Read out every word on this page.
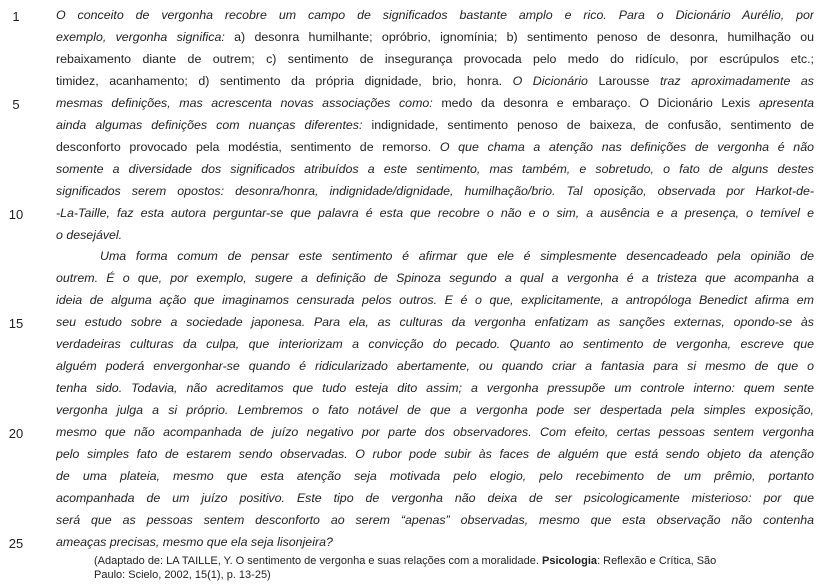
1
5
10
15
20
25
O conceito de vergonha recobre um campo de significados bastante amplo e rico. Para o Dicionário Aurélio, por
exemplo, vergonha significa: a) desonra humilhante; opróbrio, ignomínia; b) sentimento penoso de desonra, humilhação ou
rebaixamento diante de outrem; c) sentimento de insegurança provocada pelo medo do ridículo, por escrúpulos etc.;
timidez, acanhamento; d) sentimento da própria dignidade, brio, honra. O Dicionário Larousse traz aproximadamente as
mesmas definições, mas acrescenta novas associações como: medo da desonra e embaraço. O Dicionário Lexis apresenta
ainda algumas definições com nuanças diferentes: indignidade, sentimento penoso de baixeza, de confusão, sentimento de
desconforto provocado pela modéstia, sentimento de remorso. O que chama a atenção nas definições de vergonha é não
somente a diversidade dos significados atribuídos a este sentimento, mas também, e sobretudo, o fato de alguns destes
significados serem opostos: desonra/honra, indignidade/dignidade, humilhação/brio. Tal oposição, observada por Harkot-de-
-La-Taille, faz esta autora perguntar-se que palavra é esta que recobre o não e o sim, a ausência e a presença, o temível e
o desejável.
Uma forma comum de pensar este sentimento é afirmar que ele é simplesmente desencadeado pela opinião de
outrem. É o que, por exemplo, sugere a definição de Spinoza segundo a qual a vergonha é a tristeza que acompanha a
ideia de alguma ação que imaginamos censurada pelos outros. E é o que, explicitamente, a antropóloga Benedict afirma em
seu estudo sobre a sociedade japonesa. Para ela, as culturas da vergonha enfatizam as sanções externas, opondo-se às
verdadeiras culturas da culpa, que interiorizam a convicção do pecado. Quanto ao sentimento de vergonha, escreve que
alguém poderá envergonhar-se quando é ridicularizado abertamente, ou quando criar a fantasia para si mesmo de que o
tenha sido. Todavia, não acreditamos que tudo esteja dito assim; a vergonha pressupõe um controle interno: quem sente
vergonha julga a si próprio. Lembremos o fato notável de que a vergonha pode ser despertada pela simples exposição,
mesmo que não acompanhada de juízo negativo por parte dos observadores. Com efeito, certas pessoas sentem vergonha
pelo simples fato de estarem sendo observadas. O rubor pode subir às faces de alguém que está sendo objeto da atenção
de uma plateia, mesmo que esta atenção seja motivada pelo elogio, pelo recebimento de um prêmio, portanto
acompanhada de um juízo positivo. Este tipo de vergonha não deixa de ser psicologicamente misterioso: por que
será que as pessoas sentem desconforto ao serem “apenas” observadas, mesmo que esta observação não contenha
ameaças precisas, mesmo que ela seja lisonjeira?
(Adaptado de: LA TAILLE, Y. O sentimento de vergonha e suas relações com a moralidade. Psicologia: Reflexão e Crítica, São
Paulo: Scielo, 2002, 15(1), p. 13-25)
